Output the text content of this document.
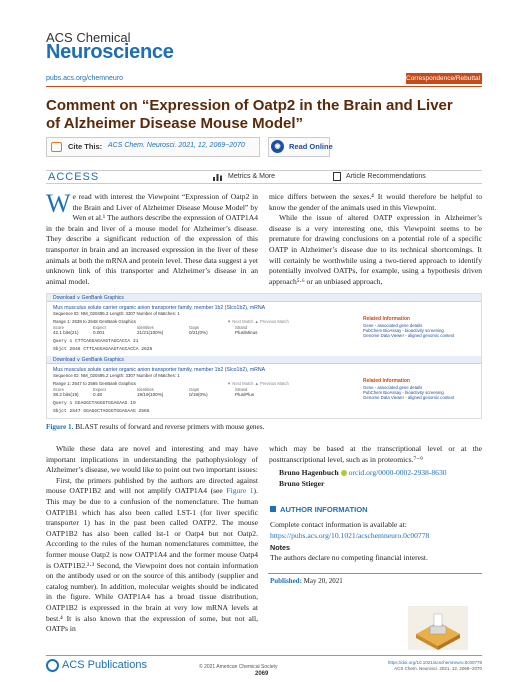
ACS Chemical
Neuroscience
pubs.acs.org/chemneuro	Correspondence/Rebuttal
Comment on “Expression of Oatp2 in the Brain and Liver of Alzheimer Disease Mouse Model”
Cite This: ACS Chem. Neurosci. 2021, 12, 2069−2070	◉	Read Online
ACCESS	Metrics & More	Article Recommendations

We read with interest the Viewpoint “Expression of Oatp2 in the Brain and Liver of Alzheimer Disease Mouse Model” by Wen et al.¹ The authors describe the expression of OATP1A4 in the brain and liver of a mouse model for Alzheimer’s disease. They describe a significant reduction of the expression of this transporter in brain and an increased expression in the liver of these animals at both the mRNA and protein level. These data suggest a yet unknown link of this transporter and Alzheimer’s disease in an animal model.

mice differs between the sexes.⁴ It would therefore be helpful to know the gender of the animals used in this Viewpoint.

While the issue of altered OATP expression in Alzheimer’s disease is a very interesting one, this Viewpoint seems to be premature for drawing conclusions on a potential role of a specific OATP in Alzheimer’s disease due to its technical shortcomings. It will certainly be worthwhile using a two-tiered approach to identify potentially involved OATPs, for example, using a hypothesis driven approach⁵·⁶ or an unbiased approach,

Download ∨ GenBank Graphics
Mus musculus solute carrier organic anion transporter family, member 1b2 (Slco1b2), mRNA
Sequence ID: NM_020495.2 Length: 3307 Number of Matches: 1
Range 1: 2638 to 2648 GenBank Graphics	▼ Next Match ▲ Previous Match
Score	Expect	Identities	Gaps	Strand
42.1 bits(21)	0.001	21/21(100%)	0/21(0%)	Plus/Minus
Query 1 CTTCAGGAGAAGTAGCACCA 21
Sbjct 2648 CTTCAGGAGAAGTAGCACCA 2628
Related Information
Gene - associated gene details
PubChem BioAssay - bioactivity screening
Genome Data Viewer - aligned genomic context
Download ∨ GenBank Graphics
Mus musculus solute carrier organic anion transporter family, member 1b2 (Slco1b2), mRNA
Sequence ID: NM_020495.2 Length: 3307 Number of Matches: 1
Range 1: 2547 to 2565 GenBank Graphics	▼ Next Match ▲ Previous Match
Score	Expect	Identities	Gaps	Strand
38.2 bits(19)	0.48	19/19(100%)	0/19(0%)	Plus/Plus
Query 1 GGAGGCTAGGGTGGAGAAG 19
Sbjct 2547 GGAGGCTAGGGTGGAGAAG 2565
Related Information
Gene - associated gene details
PubChem BioAssay - bioactivity screening
Genome Data Viewer - aligned genomic context
Figure 1. BLAST results of forward and reverse primers with mouse genes.

While these data are novel and interesting and may have important implications in understanding the pathophysiology of Alzheimer’s disease, we would like to point out two important issues:

First, the primers published by the authors are directed against mouse OATP1B2 and will not amplify OATP1A4 (see Figure 1). This may be due to a confusion of the nomenclature. The human OATP1B1 which has also been called LST-1 (for liver specific transporter 1) has in the past been called OATP2. The mouse OATP1B2 has also been called lst-1 or Oatp4 but not Oatp2. According to the rules of the human nomenclatures committee, the former mouse Oatp2 is now OATP1A4 and the former mouse Oatp4 is OATP1B2.²·³ Second, the Viewpoint does not contain information on the antibody used or on the source of this antibody (supplier and catalog number). In addition, molecular weights should be indicated in the figure. While OATP1A4 has a broad tissue distribution, OATP1B2 is expressed in the brain at very low mRNA levels at best.⁴ It is also known that the expression of some, but not all, OATPs in

which may be based at the transcriptional level or at the posttranscriptional level, such as in proteomics.⁷⁻⁹

Bruno Hagenbuch orcid.org/0000-0002-2938-8630

Bruno Stieger

AUTHOR INFORMATION

Complete contact information is available at:

https://pubs.acs.org/10.1021/acschemneuro.0c00778

Notes
The authors declare no competing financial interest.
Published: May 20, 2021
ACS Publications	© 2021 American Chemical Society
2069
https://doi.org/10.1021/acschemneuro.0c00778
ACS Chem. Neurosci. 2021, 12, 2069−2070
